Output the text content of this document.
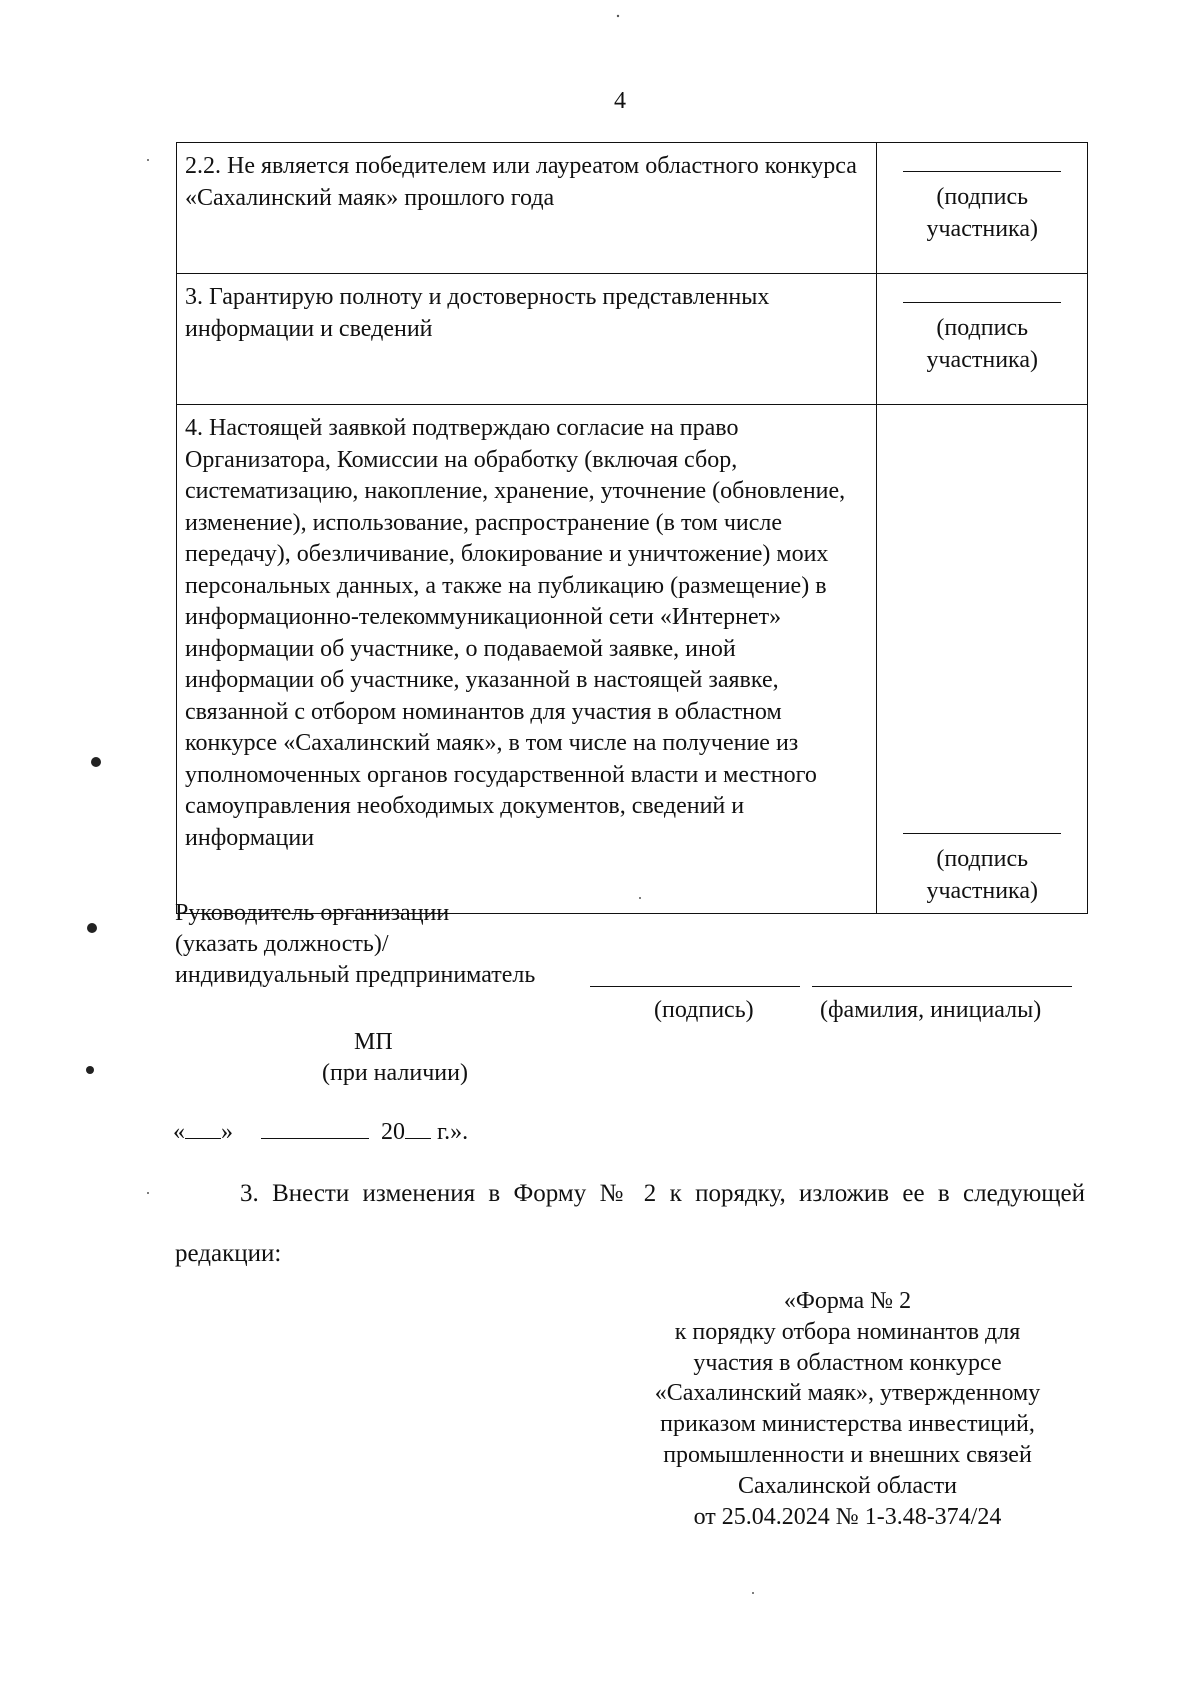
4
2.2. Не является победителем или лауреатом областного конкурса «Сахалинский маяк» прошлого года	(подпись
участника)

3. Гарантирую полноту и достоверность представленных информации и сведений	(подпись
участника)

4. Настоящей заявкой подтверждаю согласие на право Организатора, Комиссии на обработку (включая сбор, систематизацию, накопление, хранение, уточнение (обновление, изменение), использование, распространение (в том числе передачу), обезличивание, блокирование и уничтожение) моих персональных данных, а также на публикацию (размещение) в информационно-телекоммуникационной сети «Интернет» информации об участнике, о подаваемой заявке, иной информации об участнике, указанной в настоящей заявке, связанной с отбором номинантов для участия в областном конкурсе «Сахалинский маяк», в том числе на получение из уполномоченных органов государственной власти и местного самоуправления необходимых документов, сведений и информации	(подпись
участника)
Руководитель организации
(указать должность)/
индивидуальный предприниматель
(подпись)	(фамилия, инициалы)
МП
(при наличии)
« »	20 г.».
3. Внести изменения в Форму № 2 к порядку, изложив ее в следующей редакции:
«Форма № 2
к порядку отбора номинантов для
участия в областном конкурсе
«Сахалинский маяк», утвержденному
приказом министерства инвестиций,
промышленности и внешних связей
Сахалинской области
от 25.04.2024 № 1-3.48-374/24
